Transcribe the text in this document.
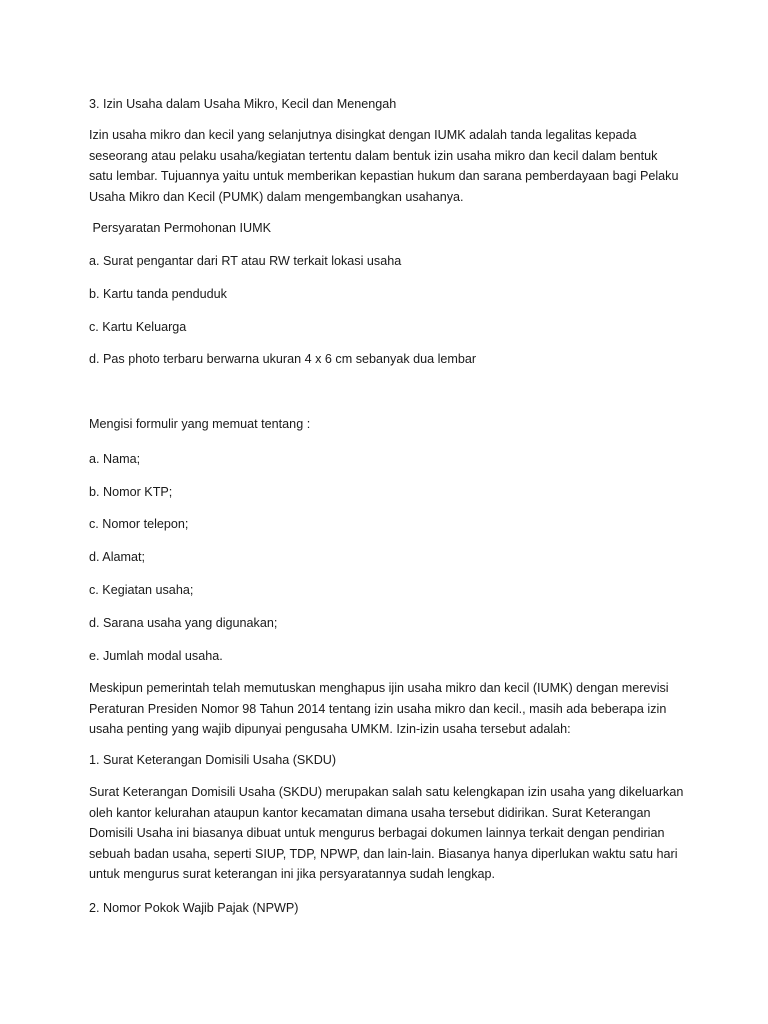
3. Izin Usaha dalam Usaha Mikro, Kecil dan Menengah
Izin usaha mikro dan kecil yang selanjutnya disingkat dengan IUMK adalah tanda legalitas kepada
seseorang atau pelaku usaha/kegiatan tertentu dalam bentuk izin usaha mikro dan kecil dalam bentuk
satu lembar. Tujuannya yaitu untuk memberikan kepastian hukum dan sarana pemberdayaan bagi Pelaku
Usaha Mikro dan Kecil (PUMK) dalam mengembangkan usahanya.
Persyaratan Permohonan IUMK
a. Surat pengantar dari RT atau RW terkait lokasi usaha
b. Kartu tanda penduduk
c. Kartu Keluarga
d. Pas photo terbaru berwarna ukuran 4 x 6 cm sebanyak dua lembar
Mengisi formulir yang memuat tentang :
a. Nama;
b. Nomor KTP;
c. Nomor telepon;
d. Alamat;
c. Kegiatan usaha;
d. Sarana usaha yang digunakan;
e. Jumlah modal usaha.
Meskipun pemerintah telah memutuskan menghapus ijin usaha mikro dan kecil (IUMK) dengan merevisi
Peraturan Presiden Nomor 98 Tahun 2014 tentang izin usaha mikro dan kecil., masih ada beberapa izin
usaha penting yang wajib dipunyai pengusaha UMKM. Izin-izin usaha tersebut adalah:
1. Surat Keterangan Domisili Usaha (SKDU)
Surat Keterangan Domisili Usaha (SKDU) merupakan salah satu kelengkapan izin usaha yang dikeluarkan
oleh kantor kelurahan ataupun kantor kecamatan dimana usaha tersebut didirikan. Surat Keterangan
Domisili Usaha ini biasanya dibuat untuk mengurus berbagai dokumen lainnya terkait dengan pendirian
sebuah badan usaha, seperti SIUP, TDP, NPWP, dan lain-lain. Biasanya hanya diperlukan waktu satu hari
untuk mengurus surat keterangan ini jika persyaratannya sudah lengkap.
2. Nomor Pokok Wajib Pajak (NPWP)
